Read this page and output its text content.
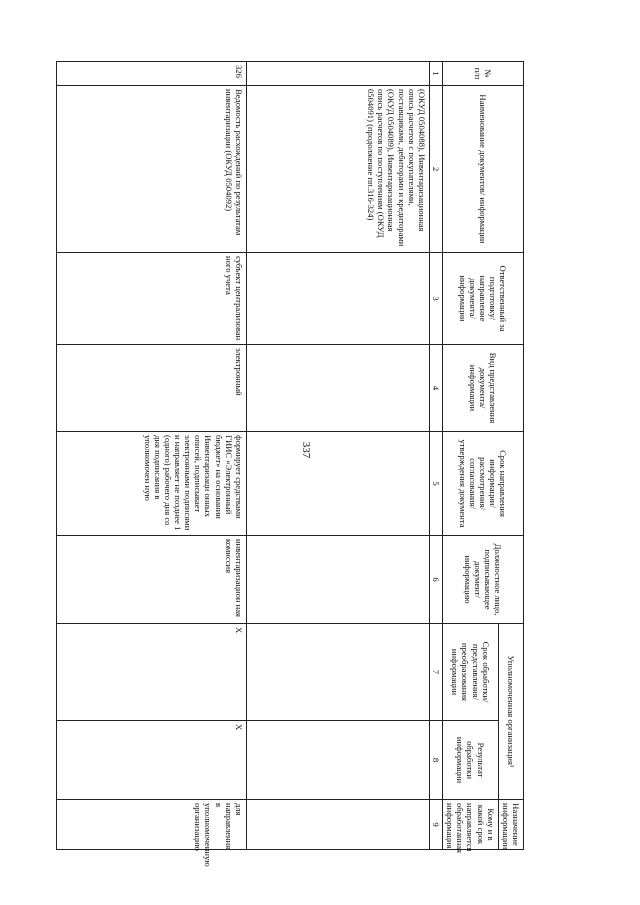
337
№ п/п	Наименование документов/ информации	Ответственный за подготовку/ направление документа/ информации	Вид представления документа/ информации	Срок направления информации/ рассмотрения/ согласования/ утверждения документа	Должностное лицо, подписывающее документ/ информацию	Уполномоченная организация¹		Назначение информации
						Срок обработки/ представления/ преобразования информации	Результат обработки информации	Кому и в какой срок направляется обработанная информация
1	2	3	4	5	6	7	8	9
	(ОКУД 0504088), Инвентаризационная опись расчетов с покупателями, поставщиками, дебиторами и кредиторами (ОКУД 0504089), Инвентаризационная опись расчетов по поступлениям (ОКУД 0504091) (продолжение пп.316-324)							
326	Ведомость расхождений по результатам инвентаризации (ОКУД 0504092)	субъект централизован ного учета	электронный	формирует средствами ГИИС «Электронный бюджет» на основании Инвентаризаци онных описей, подписывает электронными подписями и направляет не позднее 1 (одного) рабочего дня со дня подписания в уполномочен ную	инвентаризацион ная комиссия	X	X	для направления в уполномоченную организацию
